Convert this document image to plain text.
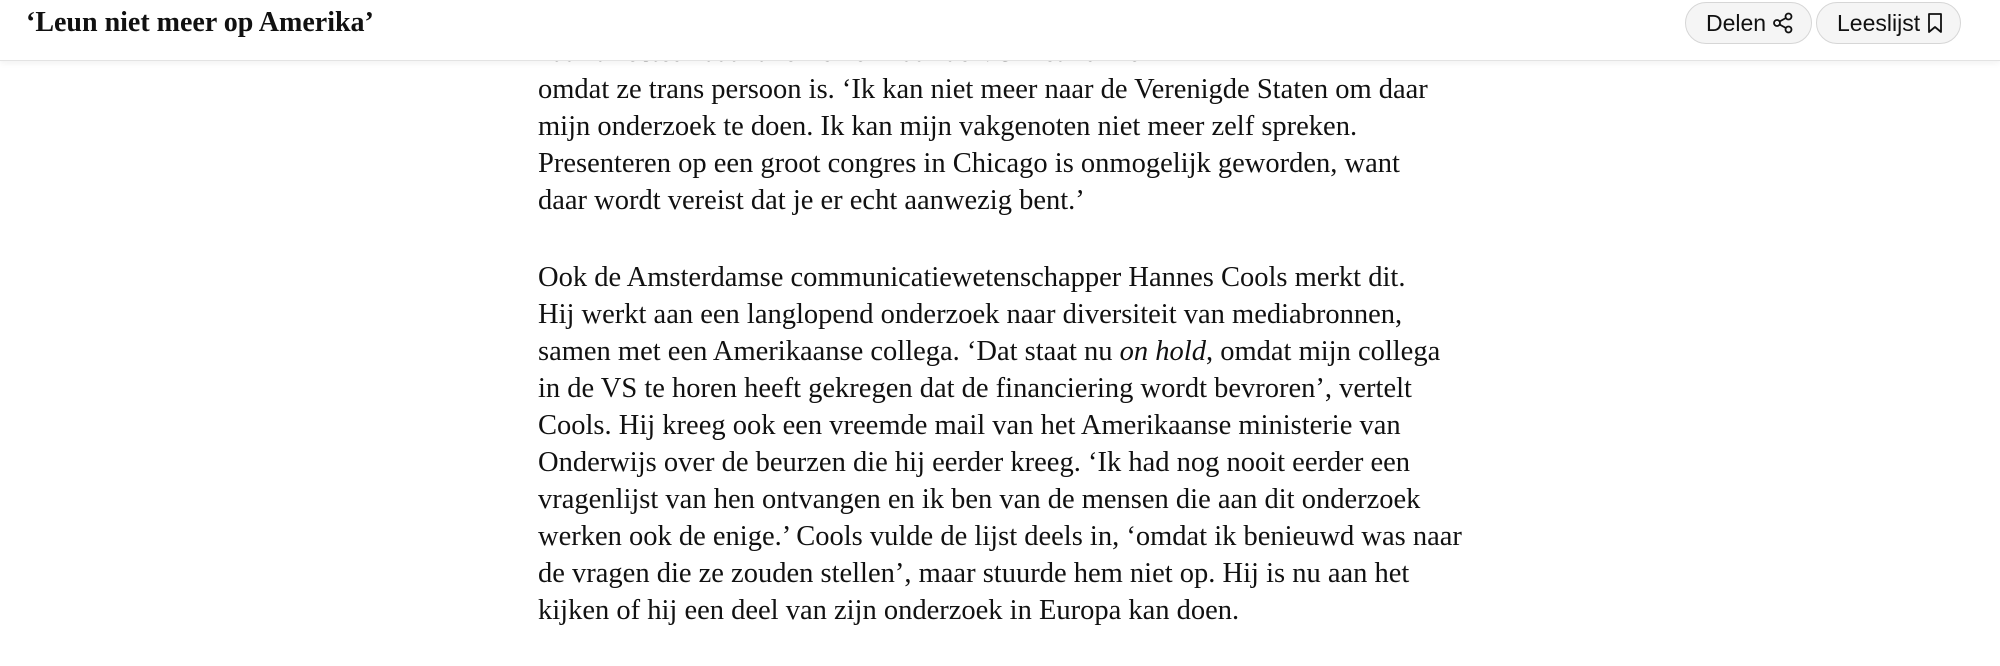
omdat ze trans persoon is. ‘Ik kan niet meer naar de Verenigde Staten om daar
mijn onderzoek te doen. Ik kan mijn vakgenoten niet meer zelf spreken.
Presenteren op een groot congres in Chicago is onmogelijk geworden, want
daar wordt vereist dat je er echt aanwezig bent.’

Ook de Amsterdamse communicatiewetenschapper Hannes Cools merkt dit.
Hij werkt aan een langlopend onderzoek naar diversiteit van mediabronnen,
samen met een Amerikaanse collega. ‘Dat staat nu on hold, omdat mijn collega
in de VS te horen heeft gekregen dat de financiering wordt bevroren’, vertelt
Cools. Hij kreeg ook een vreemde mail van het Amerikaanse ministerie van
Onderwijs over de beurzen die hij eerder kreeg. ‘Ik had nog nooit eerder een
vragenlijst van hen ontvangen en ik ben van de mensen die aan dit onderzoek
werken ook de enige.’ Cools vulde de lijst deels in, ‘omdat ik benieuwd was naar
de vragen die ze zouden stellen’, maar stuurde hem niet op. Hij is nu aan het
kijken of hij een deel van zijn onderzoek in Europa kan doen.

‘Leun niet meer op Amerika’	Delen	Leeslijst
